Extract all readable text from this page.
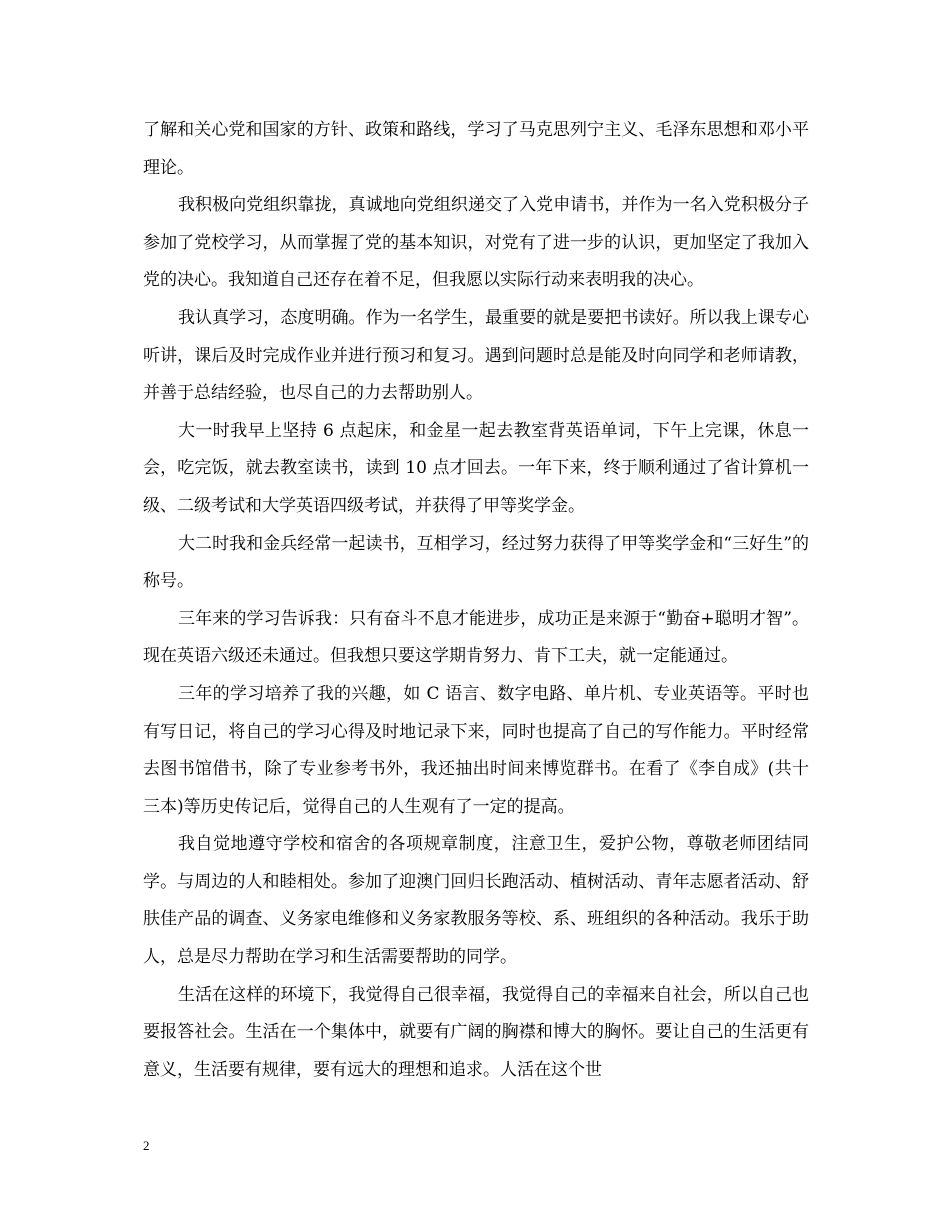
了解和关心党和国家的方针、政策和路线，学习了马克思列宁主义、毛泽东思想和邓小平理论。

我积极向党组织靠拢，真诚地向党组织递交了入党申请书，并作为一名入党积极分子参加了党校学习，从而掌握了党的基本知识，对党有了进一步的认识，更加坚定了我加入党的决心。我知道自己还存在着不足，但我愿以实际行动来表明我的决心。

我认真学习，态度明确。作为一名学生，最重要的就是要把书读好。所以我上课专心听讲，课后及时完成作业并进行预习和复习。遇到问题时总是能及时向同学和老师请教，并善于总结经验，也尽自己的力去帮助别人。

大一时我早上坚持 6 点起床，和金星一起去教室背英语单词，下午上完课，休息一会，吃完饭，就去教室读书，读到 10 点才回去。一年下来，终于顺利通过了省计算机一级、二级考试和大学英语四级考试，并获得了甲等奖学金。

大二时我和金兵经常一起读书，互相学习，经过努力获得了甲等奖学金和“三好生”的称号。

三年来的学习告诉我：只有奋斗不息才能进步，成功正是来源于“勤奋+聪明才智”。现在英语六级还未通过。但我想只要这学期肯努力、肯下工夫，就一定能通过。

三年的学习培养了我的兴趣，如 C 语言、数字电路、单片机、专业英语等。平时也有写日记，将自己的学习心得及时地记录下来，同时也提高了自己的写作能力。平时经常去图书馆借书，除了专业参考书外，我还抽出时间来博览群书。在看了《李自成》(共十三本)等历史传记后，觉得自己的人生观有了一定的提高。

我自觉地遵守学校和宿舍的各项规章制度，注意卫生，爱护公物，尊敬老师团结同学。与周边的人和睦相处。参加了迎澳门回归长跑活动、植树活动、青年志愿者活动、舒肤佳产品的调查、义务家电维修和义务家教服务等校、系、班组织的各种活动。我乐于助人，总是尽力帮助在学习和生活需要帮助的同学。

生活在这样的环境下，我觉得自己很幸福，我觉得自己的幸福来自社会，所以自己也要报答社会。生活在一个集体中，就要有广阔的胸襟和博大的胸怀。要让自己的生活更有意义，生活要有规律，要有远大的理想和追求。人活在这个世

2
